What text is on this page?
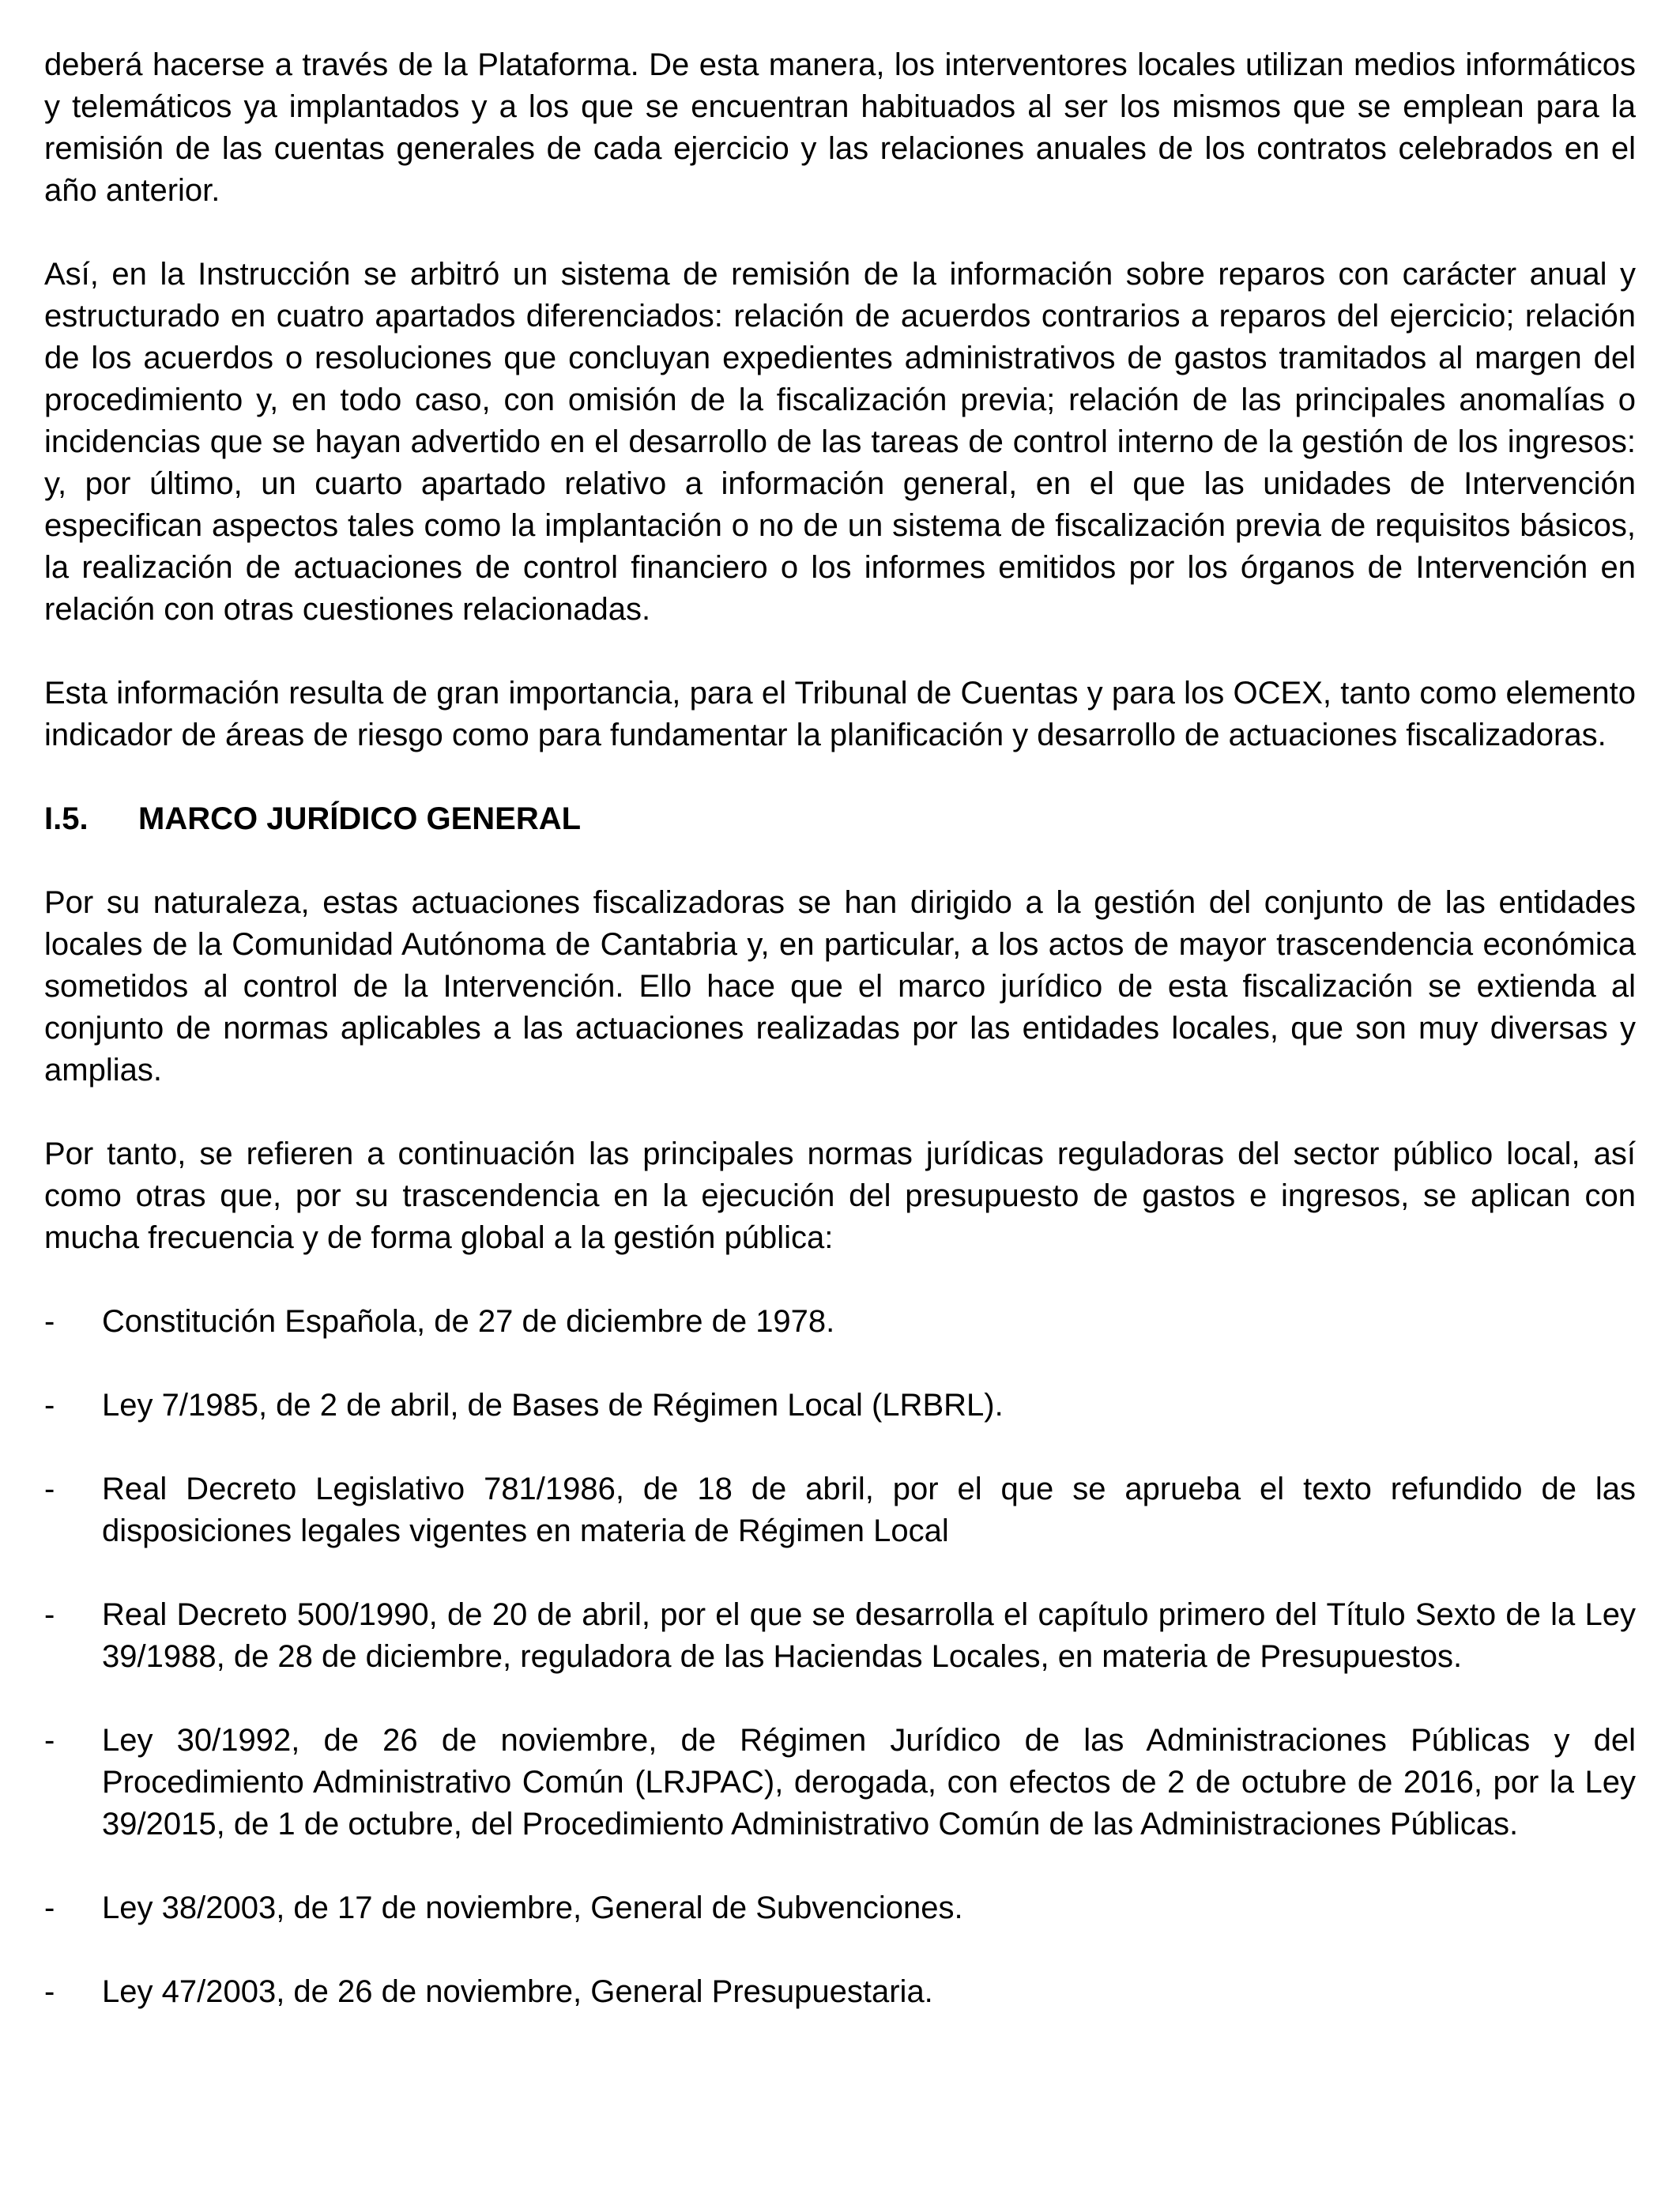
deberá hacerse a través de la Plataforma. De esta manera, los interventores locales utilizan medios informáticos y telemáticos ya implantados y a los que se encuentran habituados al ser los mismos que se emplean para la remisión de las cuentas generales de cada ejercicio y las relaciones anuales de los contratos celebrados en el año anterior.

Así, en la Instrucción se arbitró un sistema de remisión de la información sobre reparos con carácter anual y estructurado en cuatro apartados diferenciados: relación de acuerdos contrarios a reparos del ejercicio; relación de los acuerdos o resoluciones que concluyan expedientes administrativos de gastos tramitados al margen del procedimiento y, en todo caso, con omisión de la fiscalización previa; relación de las principales anomalías o incidencias que se hayan advertido en el desarrollo de las tareas de control interno de la gestión de los ingresos: y, por último, un cuarto apartado relativo a información general, en el que las unidades de Intervención especifican aspectos tales como la implantación o no de un sistema de fiscalización previa de requisitos básicos, la realización de actuaciones de control financiero o los informes emitidos por los órganos de Intervención en relación con otras cuestiones relacionadas.

Esta información resulta de gran importancia, para el Tribunal de Cuentas y para los OCEX, tanto como elemento indicador de áreas de riesgo como para fundamentar la planificación y desarrollo de actuaciones fiscalizadoras.

I.5.	MARCO JURÍDICO GENERAL

Por su naturaleza, estas actuaciones fiscalizadoras se han dirigido a la gestión del conjunto de las entidades locales de la Comunidad Autónoma de Cantabria y, en particular, a los actos de mayor trascendencia económica sometidos al control de la Intervención. Ello hace que el marco jurídico de esta fiscalización se extienda al conjunto de normas aplicables a las actuaciones realizadas por las entidades locales, que son muy diversas y amplias.

Por tanto, se refieren a continuación las principales normas jurídicas reguladoras del sector público local, así como otras que, por su trascendencia en la ejecución del presupuesto de gastos e ingresos, se aplican con mucha frecuencia y de forma global a la gestión pública:

-	Constitución Española, de 27 de diciembre de 1978.
-	Ley 7/1985, de 2 de abril, de Bases de Régimen Local (LRBRL).
-	Real Decreto Legislativo 781/1986, de 18 de abril, por el que se aprueba el texto refundido de las disposiciones legales vigentes en materia de Régimen Local
-	Real Decreto 500/1990, de 20 de abril, por el que se desarrolla el capítulo primero del Título Sexto de la Ley 39/1988, de 28 de diciembre, reguladora de las Haciendas Locales, en materia de Presupuestos.
-	Ley 30/1992, de 26 de noviembre, de Régimen Jurídico de las Administraciones Públicas y del Procedimiento Administrativo Común (LRJPAC), derogada, con efectos de 2 de octubre de 2016, por la Ley 39/2015, de 1 de octubre, del Procedimiento Administrativo Común de las Administraciones Públicas.
-	Ley 38/2003, de 17 de noviembre, General de Subvenciones.
-	Ley 47/2003, de 26 de noviembre, General Presupuestaria.
